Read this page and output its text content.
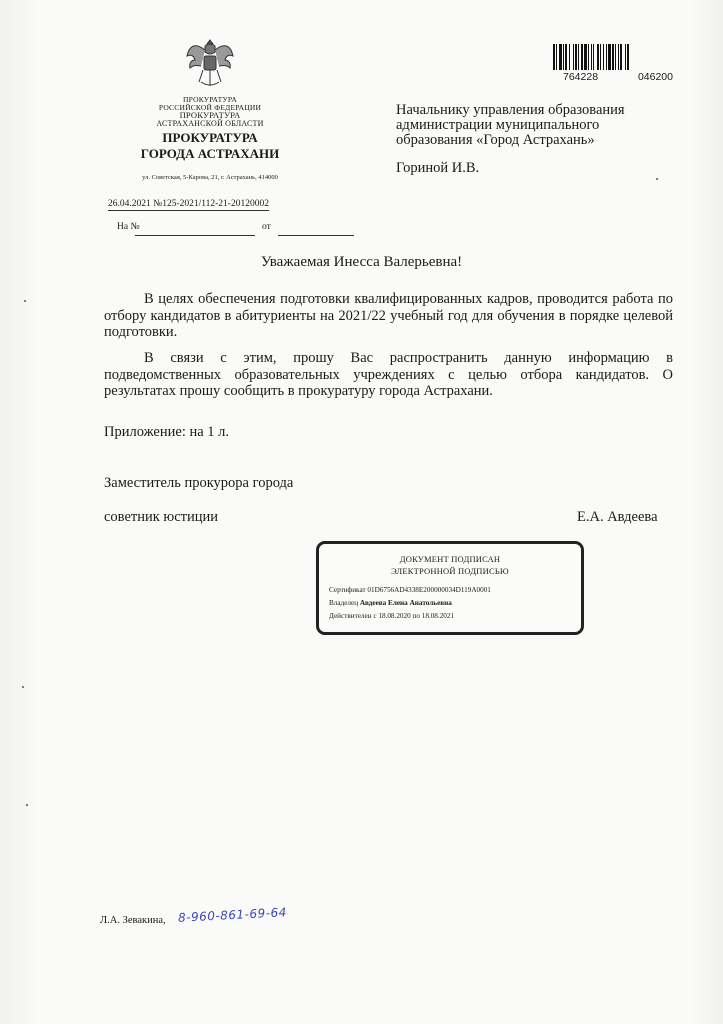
ПРОКУРАТУРА
РОССИЙСКОЙ ФЕДЕРАЦИИ
ПРОКУРАТУРА
АСТРАХАНСКОЙ ОБЛАСТИ
ПРОКУРАТУРА
ГОРОДА АСТРАХАНИ
ул. Советская, 5-Карова, 21, г. Астрахань, 414000
26.04.2021 №125-2021/112-21-20120002
На №	от
764228	046200
Начальнику управления образования
администрации муниципального
образования «Город Астрахань»
Гориной И.В.
Уважаемая Инесса Валерьевна!
В целях обеспечения подготовки квалифицированных кадров, проводится работа по отбору кандидатов в абитуриенты на 2021/22 учебный год для обучения в порядке целевой подготовки.
В связи с этим, прошу Вас распространить данную информацию в подведомственных образовательных учреждениях с целью отбора кандидатов. О результатах прошу сообщить в прокуратуру города Астрахани.
Приложение: на 1 л.
Заместитель прокурора города
советник юстиции	Е.А. Авдеева
ДОКУМЕНТ ПОДПИСАН
ЭЛЕКТРОННОЙ ПОДПИСЬЮ
Сертификат 01D6756AD4338E200000034D119A0001
Владелец Авдеева Елена Анатольевна
Действителен с 18.08.2020 по 18.08.2021
Л.А. Зевакина, 8-960-861-69-64
